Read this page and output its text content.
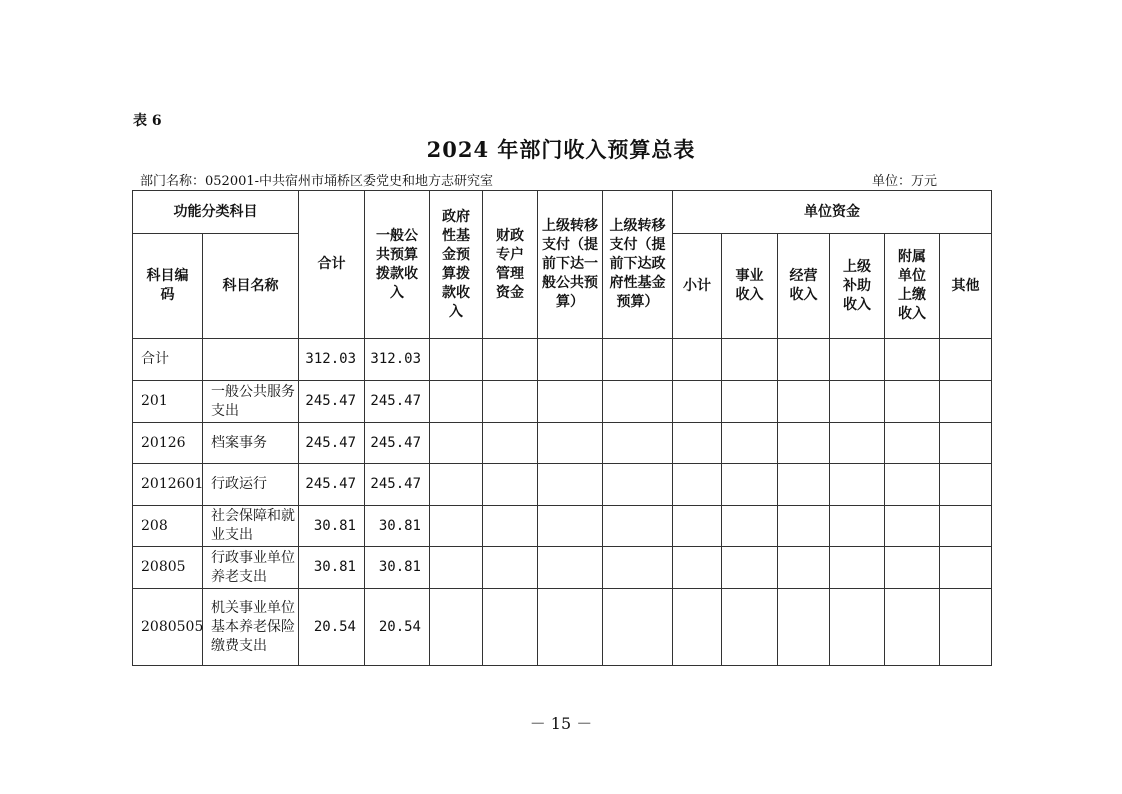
表 6
2024 年部门收入预算总表
部门名称：052001-中共宿州市埇桥区委党史和地方志研究室	单位：万元
功能分类科目		合计	一般公共预算拨款收入	政府性基金预算拨款收入	财政专户管理资金	上级转移支付（提前下达一般公共预算）	上级转移支付（提前下达政府性基金预算）	单位资金					
科目编码	科目名称							小计	事业收入	经营收入	上级补助收入	附属单位上缴收入	其他
合计		312.03	312.03										
201	一般公共服务支出	245.47	245.47										
20126	档案事务	245.47	245.47										
2012601	行政运行	245.47	245.47										
208	社会保障和就业支出	30.81	30.81										
20805	行政事业单位养老支出	30.81	30.81										
2080505	机关事业单位基本养老保险缴费支出	20.54	20.54										
－ 15 －
